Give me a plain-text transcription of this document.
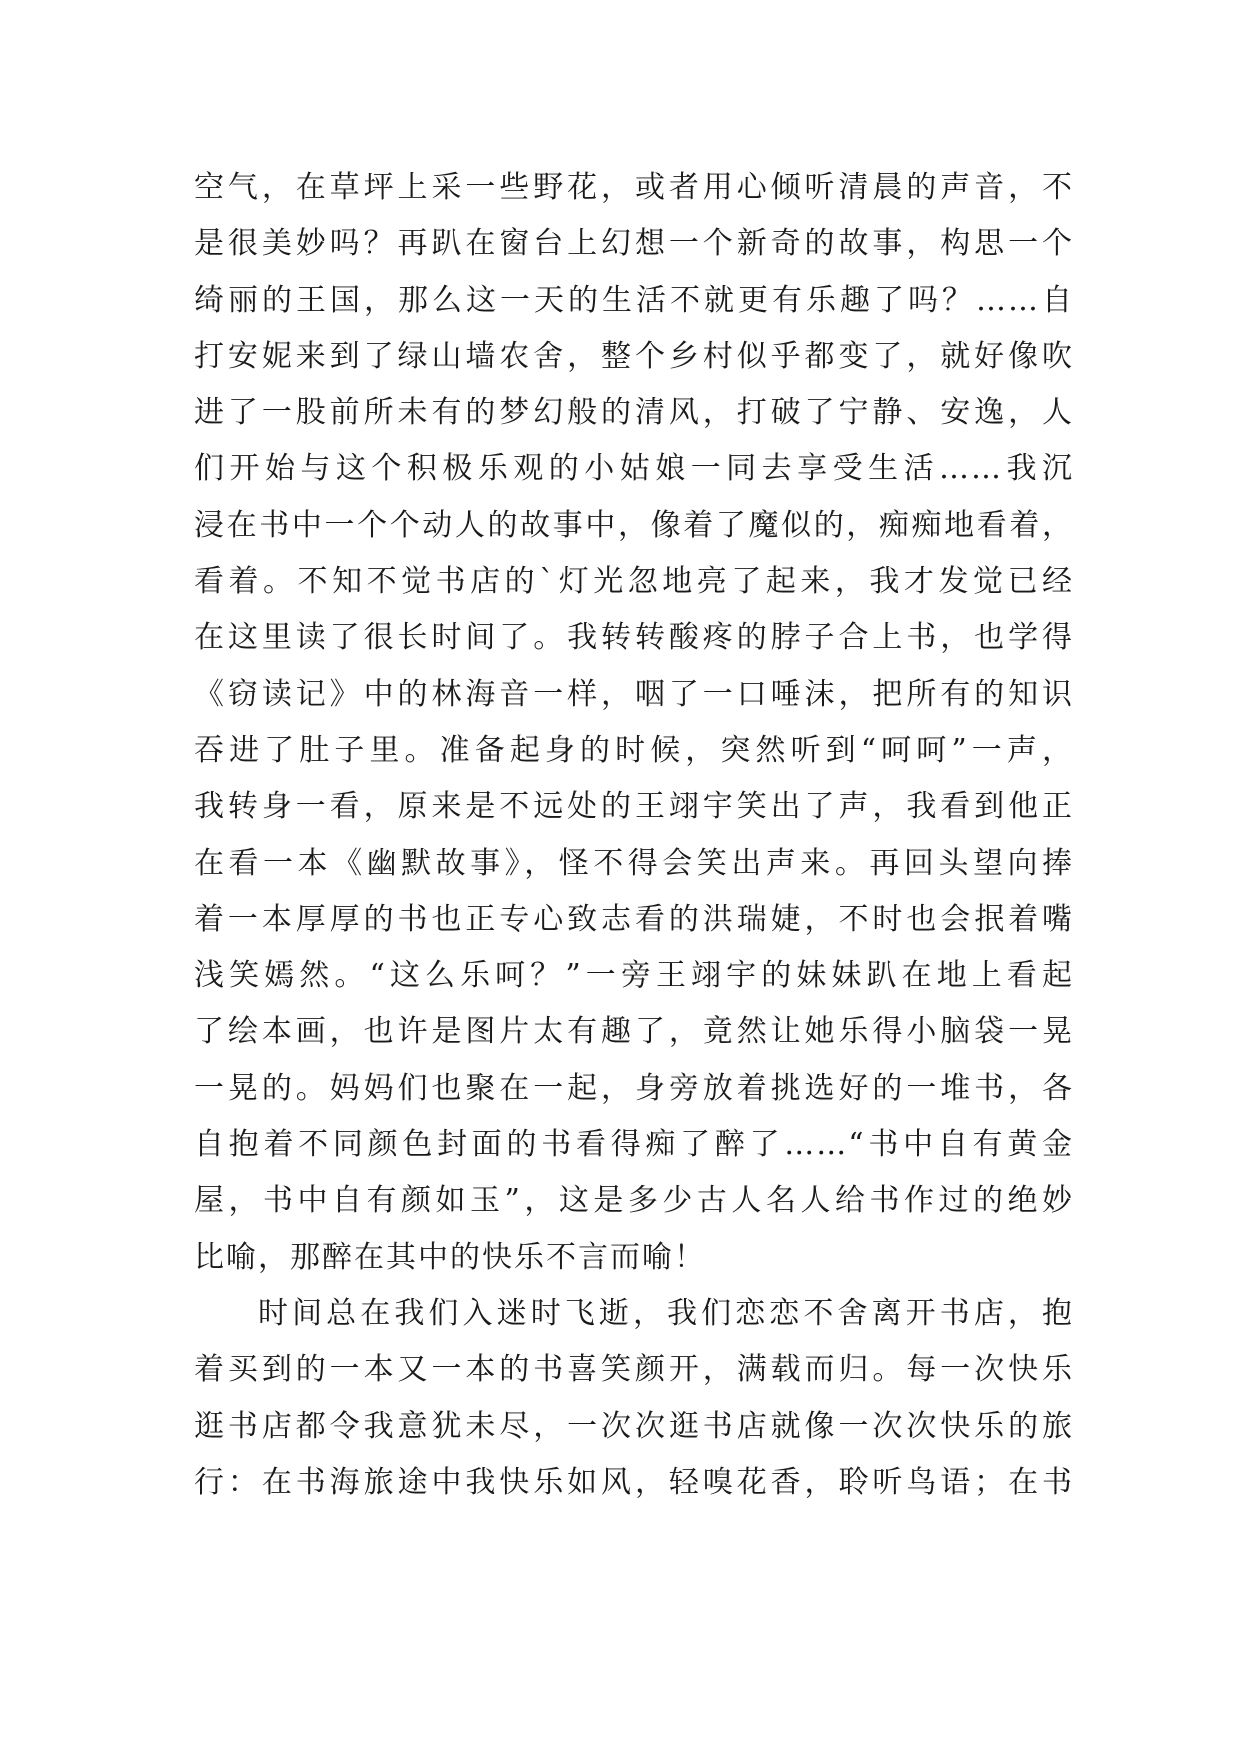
空气，在草坪上采一些野花，或者用心倾听清晨的声音，不
是很美妙吗？再趴在窗台上幻想一个新奇的故事，构思一个
绮丽的王国，那么这一天的生活不就更有乐趣了吗？……自
打安妮来到了绿山墙农舍，整个乡村似乎都变了，就好像吹
进了一股前所未有的梦幻般的清风，打破了宁静、安逸，人
们开始与这个积极乐观的小姑娘一同去享受生活……我沉
浸在书中一个个动人的故事中，像着了魔似的，痴痴地看着，
看着。不知不觉书店的`灯光忽地亮了起来，我才发觉已经
在这里读了很长时间了。我转转酸疼的脖子合上书，也学得
《窃读记》中的林海音一样，咽了一口唾沫，把所有的知识
吞进了肚子里。准备起身的时候，突然听到“呵呵”一声，
我转身一看，原来是不远处的王翊宇笑出了声，我看到他正
在看一本《幽默故事》，怪不得会笑出声来。再回头望向捧
着一本厚厚的书也正专心致志看的洪瑞婕，不时也会抿着嘴
浅笑嫣然。“这么乐呵？”一旁王翊宇的妹妹趴在地上看起
了绘本画，也许是图片太有趣了，竟然让她乐得小脑袋一晃
一晃的。妈妈们也聚在一起，身旁放着挑选好的一堆书，各
自抱着不同颜色封面的书看得痴了醉了……“书中自有黄金
屋，书中自有颜如玉”，这是多少古人名人给书作过的绝妙
比喻，那醉在其中的快乐不言而喻！
时间总在我们入迷时飞逝，我们恋恋不舍离开书店，抱
着买到的一本又一本的书喜笑颜开，满载而归。每一次快乐
逛书店都令我意犹未尽，一次次逛书店就像一次次快乐的旅
行：在书海旅途中我快乐如风，轻嗅花香，聆听鸟语；在书
